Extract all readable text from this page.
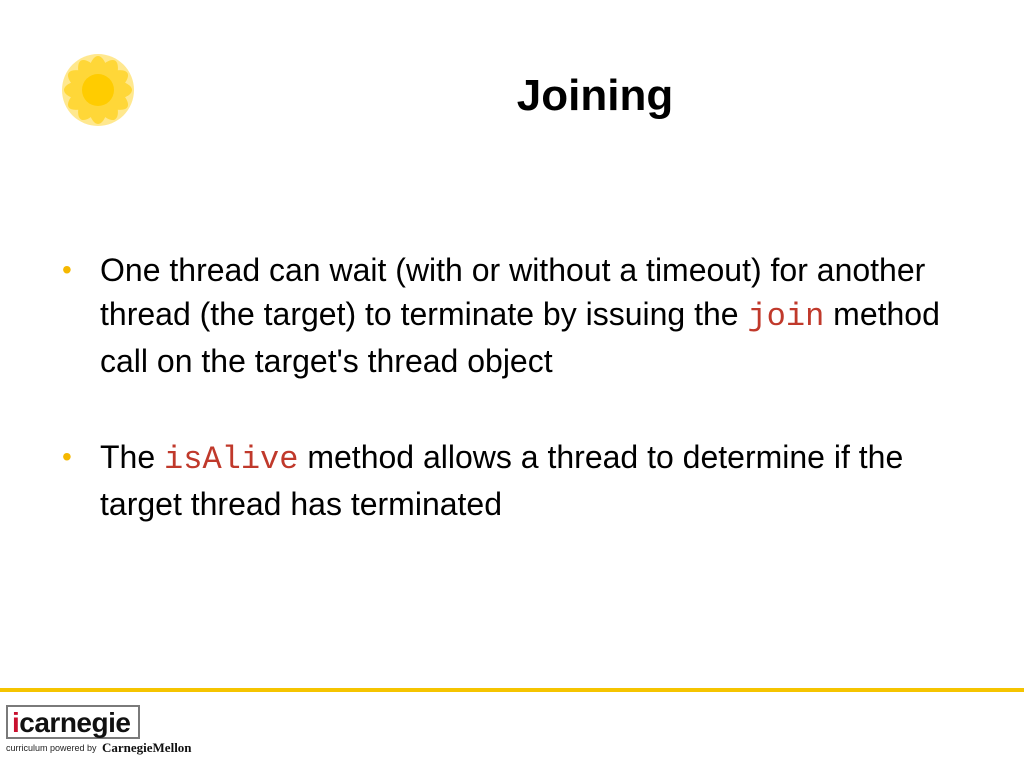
Joining
• One thread can wait (with or without a timeout) for another thread (the target) to terminate by issuing the join method call on the target's thread object
• The isAlive method allows a thread to determine if the target thread has terminated
icarnegie
curriculum powered by CarnegieMellon
